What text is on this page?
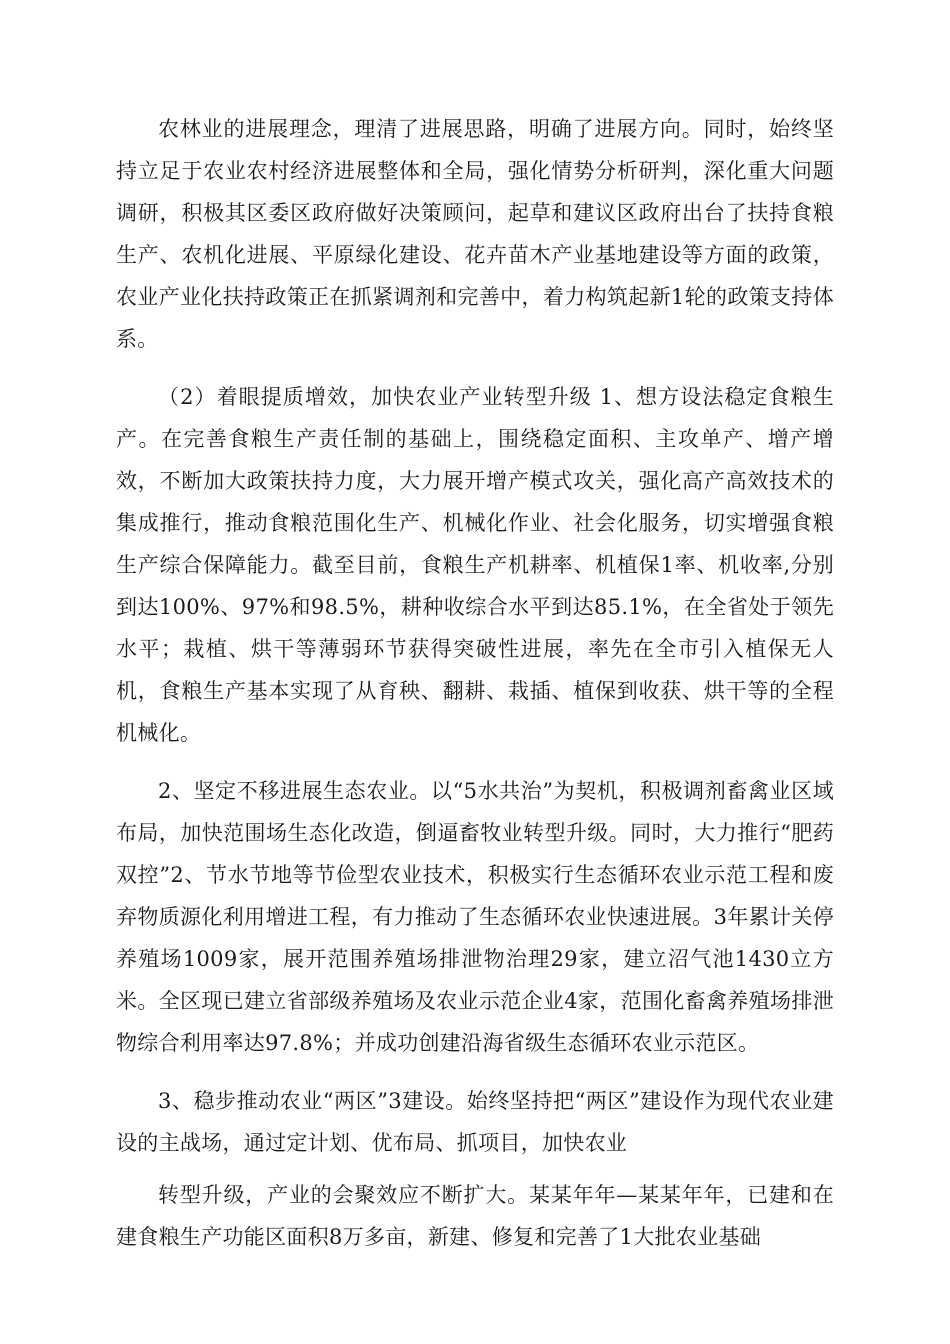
农林业的进展理念，理清了进展思路，明确了进展方向。同时，始终坚持立足于农业农村经济进展整体和全局，强化情势分析研判，深化重大问题调研，积极其区委区政府做好决策顾问，起草和建议区政府出台了扶持食粮生产、农机化进展、平原绿化建设、花卉苗木产业基地建设等方面的政策，农业产业化扶持政策正在抓紧调剂和完善中，着力构筑起新1轮的政策支持体系。

（2）着眼提质增效，加快农业产业转型升级 1、想方设法稳定食粮生产。在完善食粮生产责任制的基础上，围绕稳定面积、主攻单产、增产增效，不断加大政策扶持力度，大力展开增产模式攻关，强化高产高效技术的集成推行，推动食粮范围化生产、机械化作业、社会化服务，切实增强食粮生产综合保障能力。截至目前，食粮生产机耕率、机植保1率、机收率,分别到达100%、97%和98.5%，耕种收综合水平到达85.1%，在全省处于领先水平；栽植、烘干等薄弱环节获得突破性进展，率先在全市引入植保无人机，食粮生产基本实现了从育秧、翻耕、栽插、植保到收获、烘干等的全程机械化。

2、坚定不移进展生态农业。以“5水共治”为契机，积极调剂畜禽业区域布局，加快范围场生态化改造，倒逼畜牧业转型升级。同时，大力推行“肥药双控”2、节水节地等节俭型农业技术，积极实行生态循环农业示范工程和废弃物质源化利用增进工程，有力推动了生态循环农业快速进展。3年累计关停养殖场1009家，展开范围养殖场排泄物治理29家，建立沼气池1430立方米。全区现已建立省部级养殖场及农业示范企业4家，范围化畜禽养殖场排泄物综合利用率达97.8%；并成功创建沿海省级生态循环农业示范区。

3、稳步推动农业“两区”3建设。始终坚持把“两区”建设作为现代农业建设的主战场，通过定计划、优布局、抓项目，加快农业

转型升级，产业的会聚效应不断扩大。某某年年—某某年年，已建和在建食粮生产功能区面积8万多亩，新建、修复和完善了1大批农业基础
